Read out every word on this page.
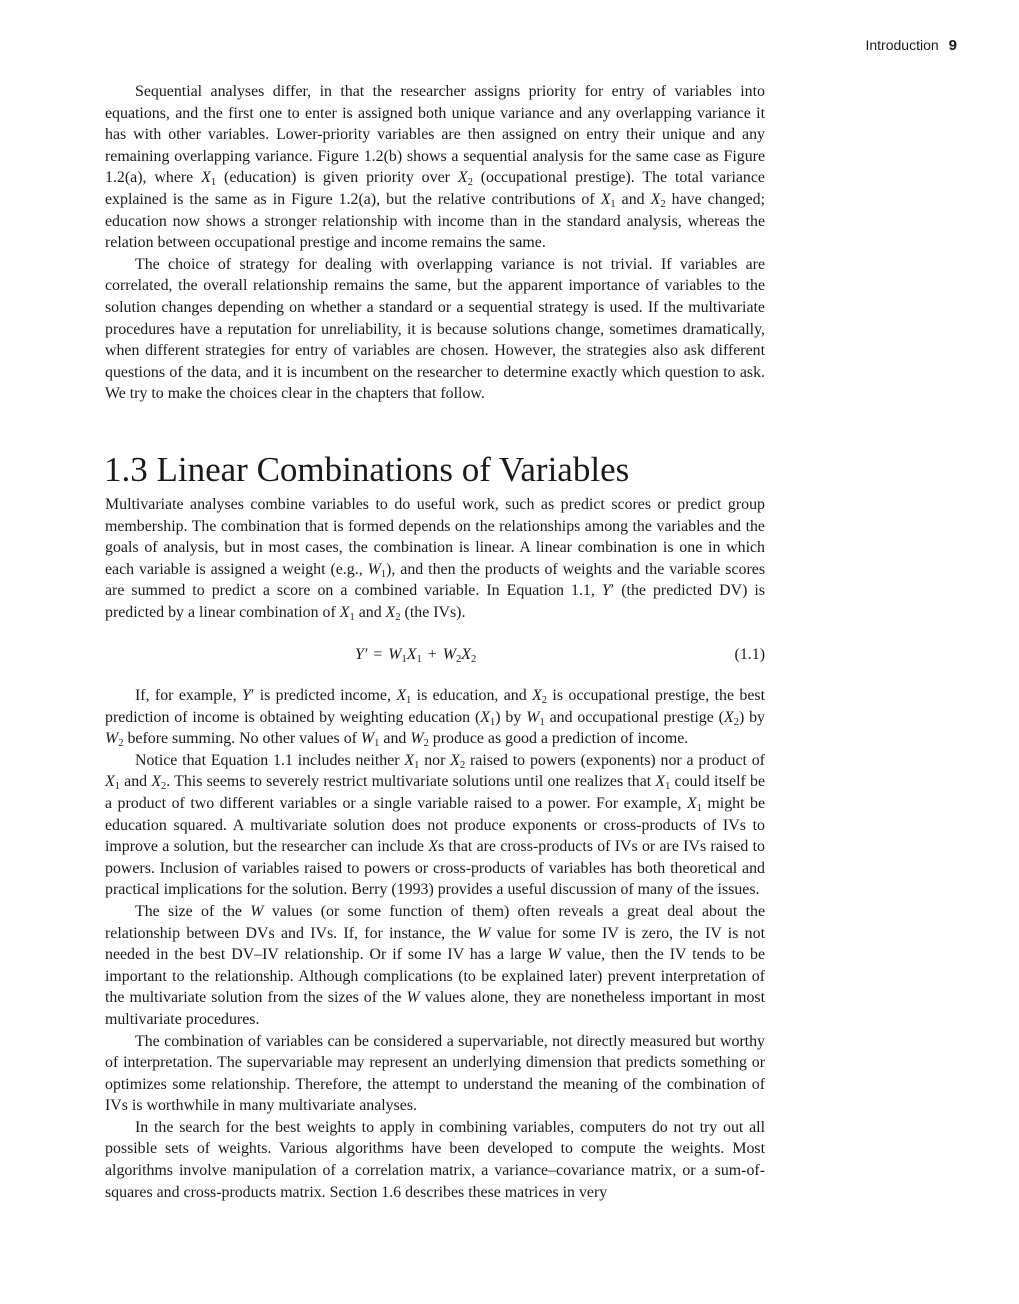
Introduction 9

Sequential analyses differ, in that the researcher assigns priority for entry of variables into equations, and the first one to enter is assigned both unique variance and any overlapping variance it has with other variables. Lower-priority variables are then assigned on entry their unique and any remaining overlapping variance. Figure 1.2(b) shows a sequential analysis for the same case as Figure 1.2(a), where $X_1$ (education) is given priority over $X_2$ (occupational prestige). The total variance explained is the same as in Figure 1.2(a), but the relative contributions of $X_1$ and $X_2$ have changed; education now shows a stronger relationship with income than in the standard analysis, whereas the relation between occupational prestige and income remains the same.

The choice of strategy for dealing with overlapping variance is not trivial. If variables are correlated, the overall relationship remains the same, but the apparent importance of variables to the solution changes depending on whether a standard or a sequential strategy is used. If the multivariate procedures have a reputation for unreliability, it is because solutions change, sometimes dramatically, when different strategies for entry of variables are chosen. However, the strategies also ask different questions of the data, and it is incumbent on the researcher to determine exactly which question to ask. We try to make the choices clear in the chapters that follow.

1.3 Linear Combinations of Variables

Multivariate analyses combine variables to do useful work, such as predict scores or predict group membership. The combination that is formed depends on the relationships among the variables and the goals of analysis, but in most cases, the combination is linear. A linear combination is one in which each variable is assigned a weight (e.g., $W_1$), and then the products of weights and the variable scores are summed to predict a score on a combined variable. In Equation 1.1, Y′ (the predicted DV) is predicted by a linear combination of $X_1$ and $X_2$ (the IVs).

$Y' = W_1X_1 + W_2X_2$	(1.1)

If, for example, Y′ is predicted income, $X_1$ is education, and $X_2$ is occupational prestige, the best prediction of income is obtained by weighting education $(X_1)$ by $W_1$ and occupational prestige $(X_2)$ by $W_2$ before summing. No other values of $W_1$ and $W_2$ produce as good a prediction of income.

Notice that Equation 1.1 includes neither $X_1$ nor $X_2$ raised to powers (exponents) nor a product of $X_1$ and $X_2$. This seems to severely restrict multivariate solutions until one realizes that $X_1$ could itself be a product of two different variables or a single variable raised to a power. For example, $X_1$ might be education squared. A multivariate solution does not produce exponents or cross-products of IVs to improve a solution, but the researcher can include Xs that are cross-products of IVs or are IVs raised to powers. Inclusion of variables raised to powers or cross-products of variables has both theoretical and practical implications for the solution. Berry (1993) provides a useful discussion of many of the issues.

The size of the W values (or some function of them) often reveals a great deal about the relationship between DVs and IVs. If, for instance, the W value for some IV is zero, the IV is not needed in the best DV–IV relationship. Or if some IV has a large W value, then the IV tends to be important to the relationship. Although complications (to be explained later) prevent interpretation of the multivariate solution from the sizes of the W values alone, they are nonetheless important in most multivariate procedures.

The combination of variables can be considered a supervariable, not directly measured but worthy of interpretation. The supervariable may represent an underlying dimension that predicts something or optimizes some relationship. Therefore, the attempt to understand the meaning of the combination of IVs is worthwhile in many multivariate analyses.

In the search for the best weights to apply in combining variables, computers do not try out all possible sets of weights. Various algorithms have been developed to compute the weights. Most algorithms involve manipulation of a correlation matrix, a variance–covariance matrix, or a sum-of-squares and cross-products matrix. Section 1.6 describes these matrices in very
